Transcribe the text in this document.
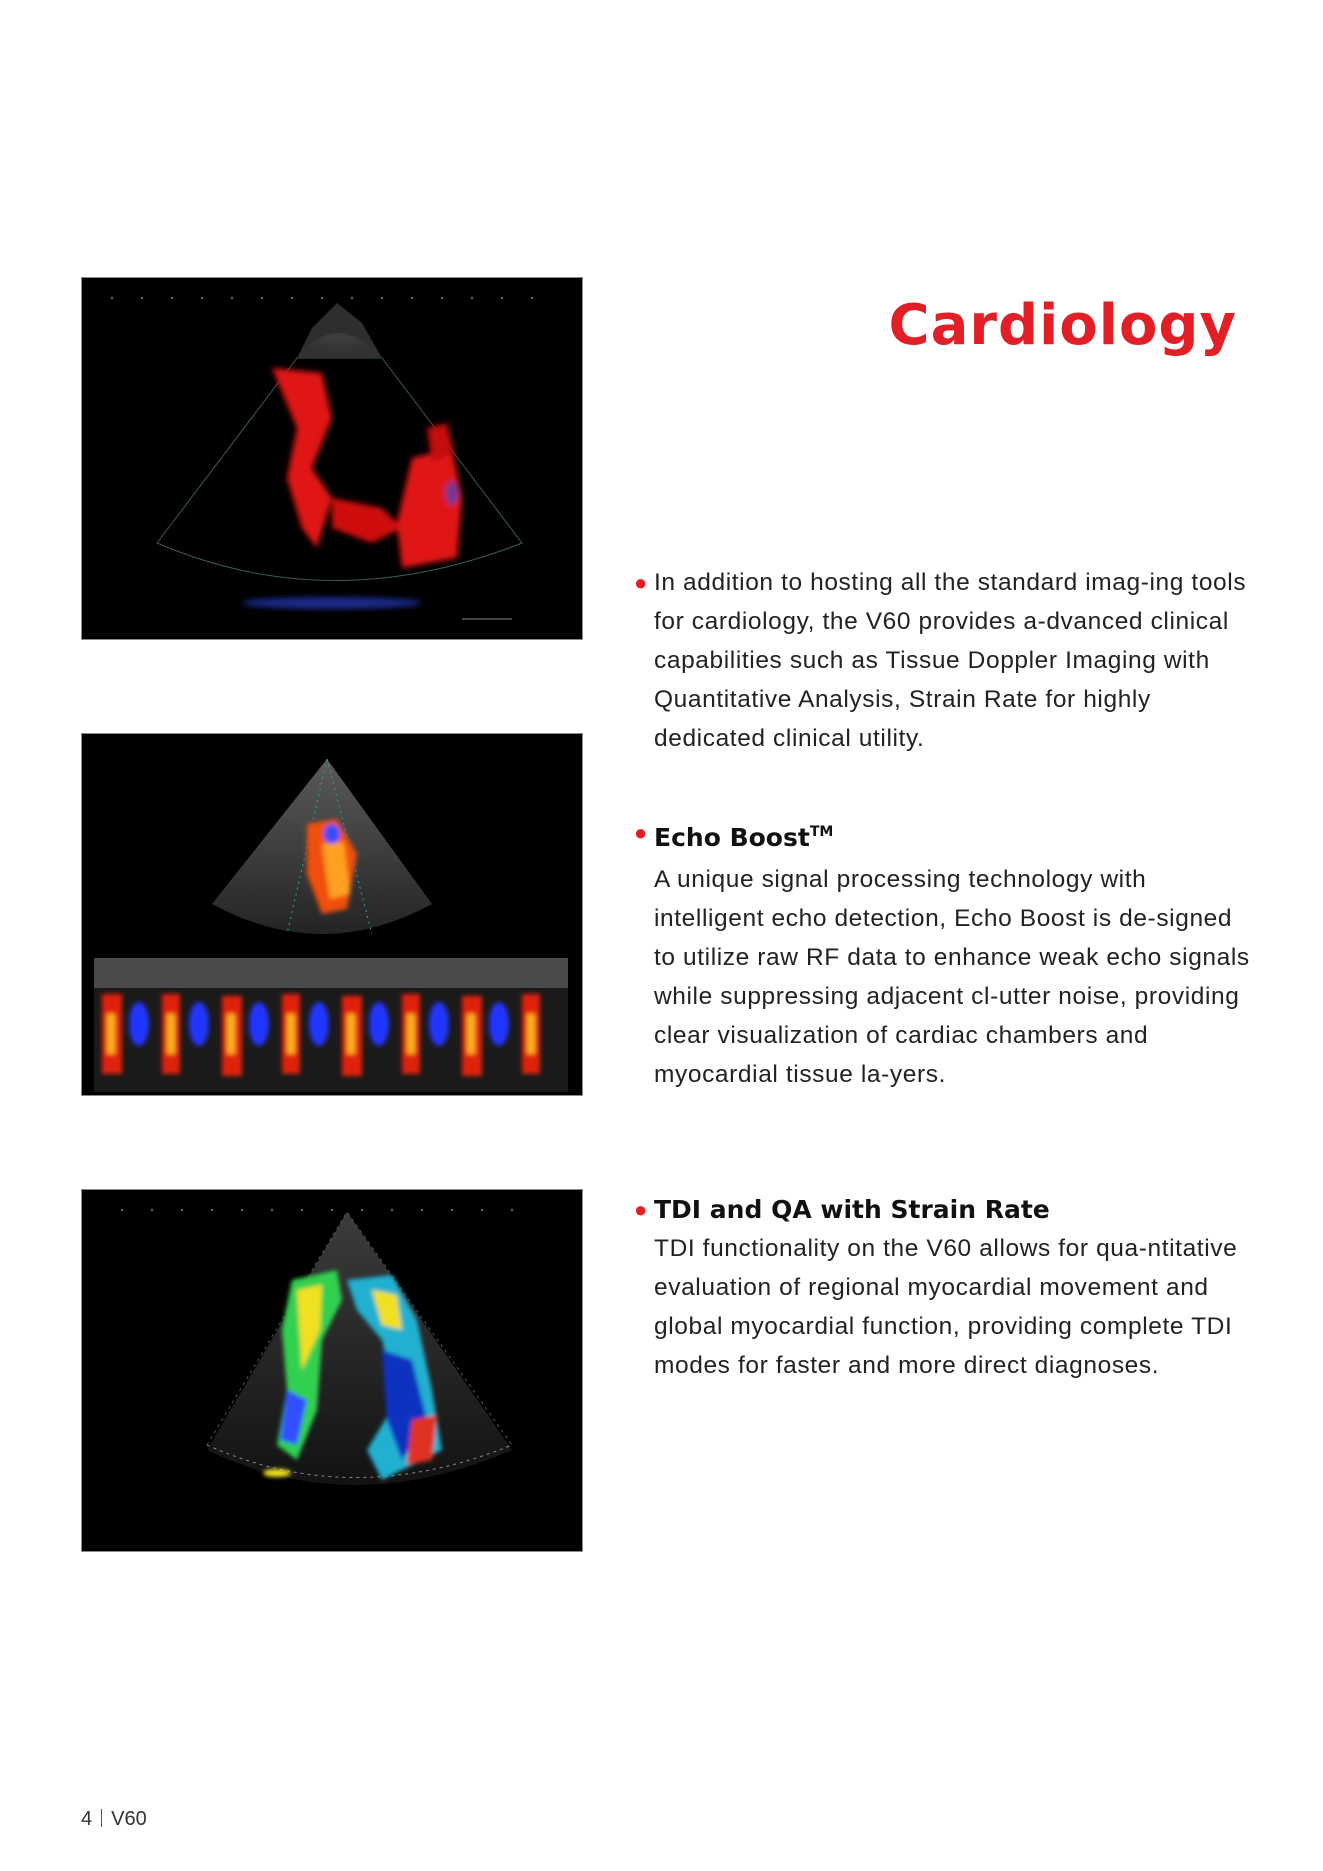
Cardiology
● In addition to hosting all the standard imag-ing tools for cardiology, the V60 provides a-dvanced clinical capabilities such as Tissue Doppler Imaging with Quantitative Analysis, Strain Rate for highly dedicated clinical utility.

● Echo Boost™

A unique signal processing technology with intelligent echo detection, Echo Boost is de-signed to utilize raw RF data to enhance weak echo signals while suppressing adjacent cl-utter noise, providing clear visualization of cardiac chambers and myocardial tissue la-yers.

● TDI and QA with Strain Rate

TDI functionality on the V60 allows for qua-ntitative evaluation of regional myocardial movement and global myocardial function, providing complete TDI modes for faster and more direct diagnoses.

4 V60
